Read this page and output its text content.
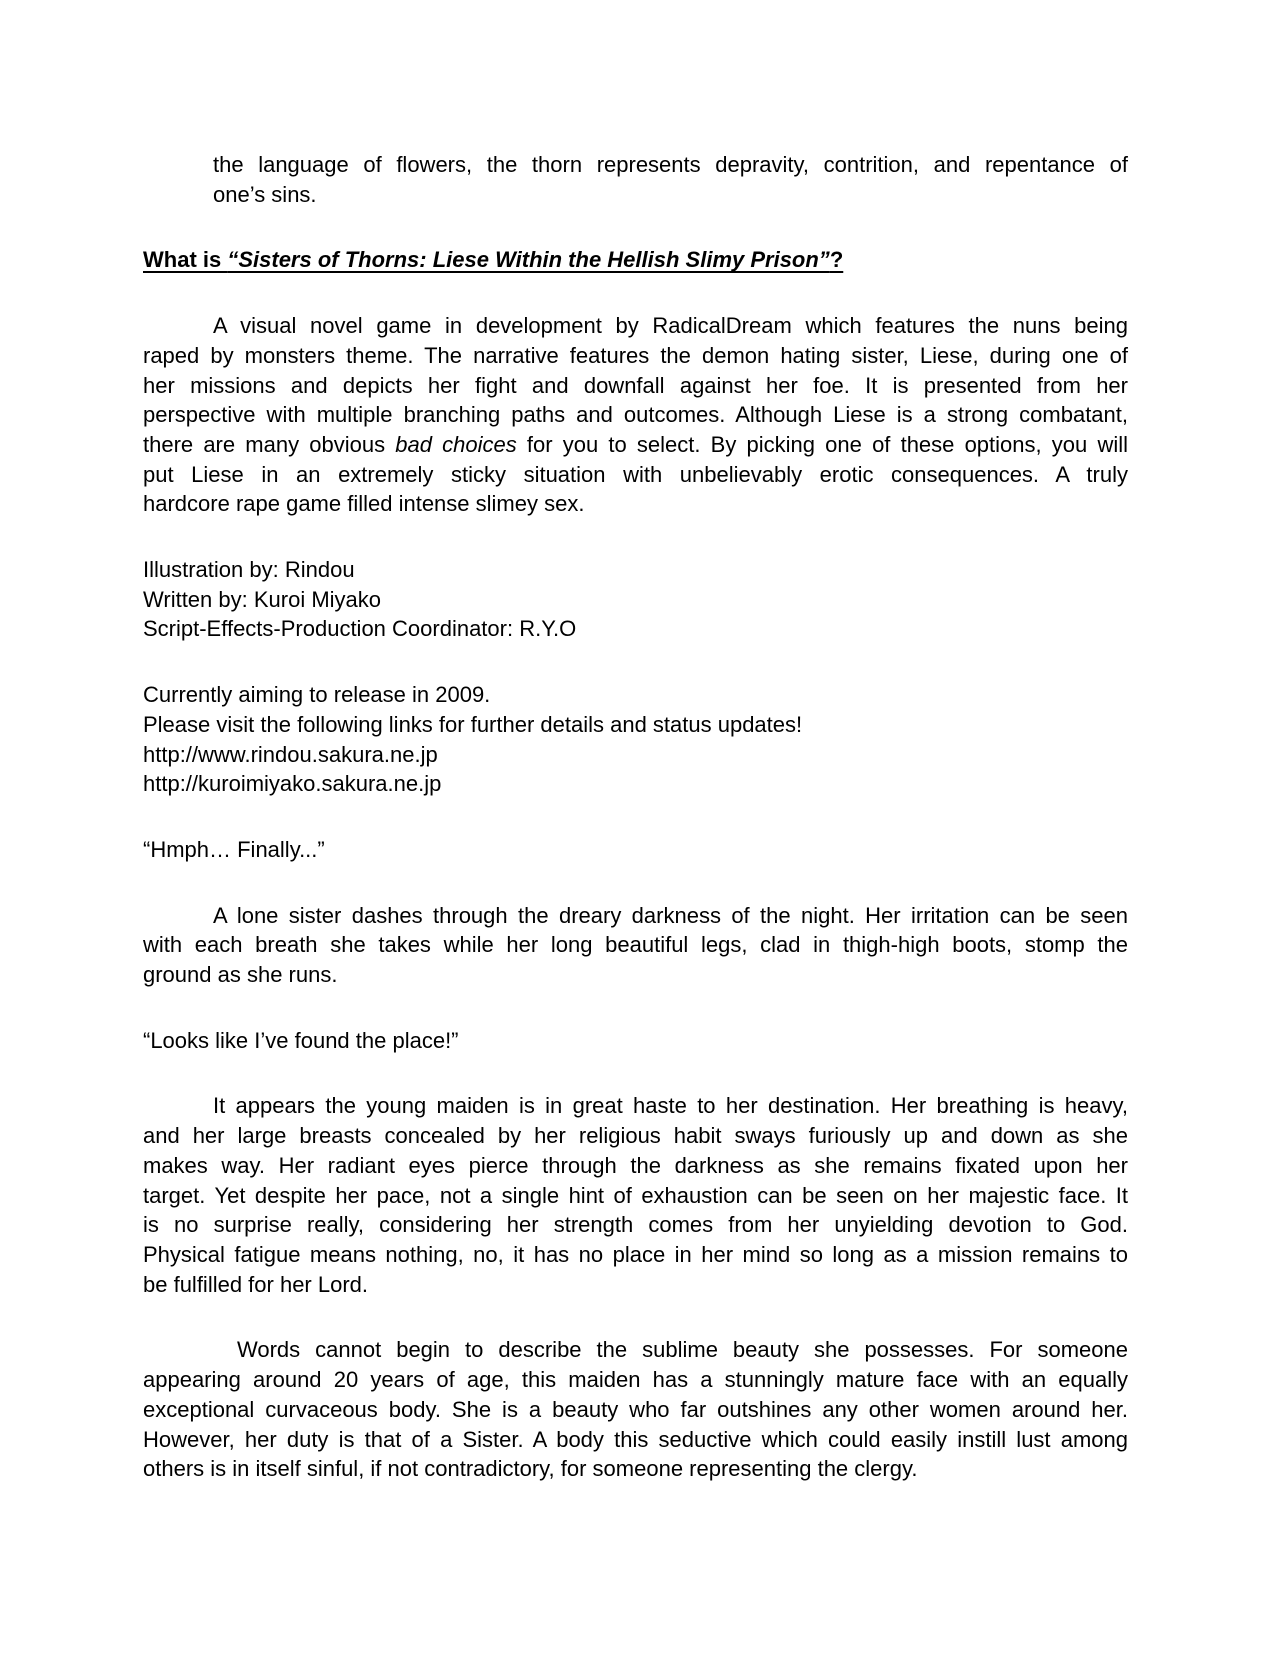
the language of flowers, the thorn represents depravity, contrition, and repentance of
one’s sins.
What is “Sisters of Thorns: Liese Within the Hellish Slimy Prison”?
A visual novel game in development by RadicalDream which features the nuns being
raped by monsters theme. The narrative features the demon hating sister, Liese, during one of
her missions and depicts her fight and downfall against her foe. It is presented from her
perspective with multiple branching paths and outcomes. Although Liese is a strong combatant,
there are many obvious bad choices for you to select. By picking one of these options, you will
put Liese in an extremely sticky situation with unbelievably erotic consequences. A truly
hardcore rape game filled intense slimey sex.
Illustration by: Rindou
Written by: Kuroi Miyako
Script-Effects-Production Coordinator: R.Y.O
Currently aiming to release in 2009.
Please visit the following links for further details and status updates!
http://www.rindou.sakura.ne.jp
http://kuroimiyako.sakura.ne.jp
“Hmph… Finally...”
A lone sister dashes through the dreary darkness of the night. Her irritation can be seen
with each breath she takes while her long beautiful legs, clad in thigh-high boots, stomp the
ground as she runs.
“Looks like I’ve found the place!”
It appears the young maiden is in great haste to her destination. Her breathing is heavy,
and her large breasts concealed by her religious habit sways furiously up and down as she
makes way. Her radiant eyes pierce through the darkness as she remains fixated upon her
target. Yet despite her pace, not a single hint of exhaustion can be seen on her majestic face. It
is no surprise really, considering her strength comes from her unyielding devotion to God.
Physical fatigue means nothing, no, it has no place in her mind so long as a mission remains to
be fulfilled for her Lord.
Words cannot begin to describe the sublime beauty she possesses. For someone
appearing around 20 years of age, this maiden has a stunningly mature face with an equally
exceptional curvaceous body. She is a beauty who far outshines any other women around her.
However, her duty is that of a Sister. A body this seductive which could easily instill lust among
others is in itself sinful, if not contradictory, for someone representing the clergy.
